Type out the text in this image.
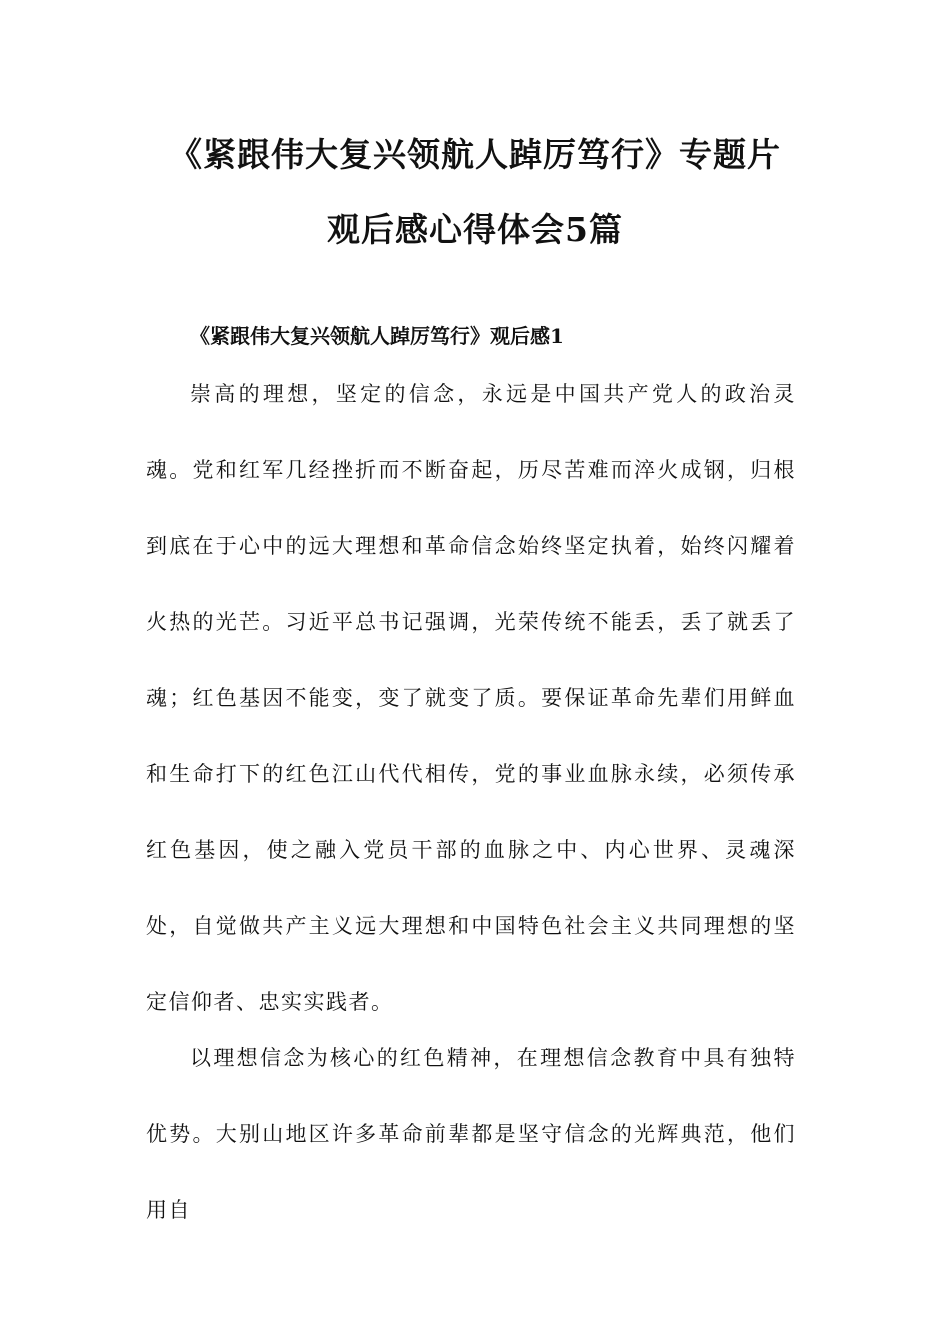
《紧跟伟大复兴领航人踔厉笃行》专题片
观后感心得体会5篇
《紧跟伟大复兴领航人踔厉笃行》观后感1

崇高的理想，坚定的信念，永远是中国共产党人的政治灵魂。党和红军几经挫折而不断奋起，历尽苦难而淬火成钢，归根到底在于心中的远大理想和革命信念始终坚定执着，始终闪耀着火热的光芒。习近平总书记强调，光荣传统不能丢，丢了就丢了魂；红色基因不能变，变了就变了质。要保证革命先辈们用鲜血和生命打下的红色江山代代相传，党的事业血脉永续，必须传承红色基因，使之融入党员干部的血脉之中、内心世界、灵魂深处，自觉做共产主义远大理想和中国特色社会主义共同理想的坚定信仰者、忠实实践者。

以理想信念为核心的红色精神，在理想信念教育中具有独特优势。大别山地区许多革命前辈都是坚守信念的光辉典范，他们用自
